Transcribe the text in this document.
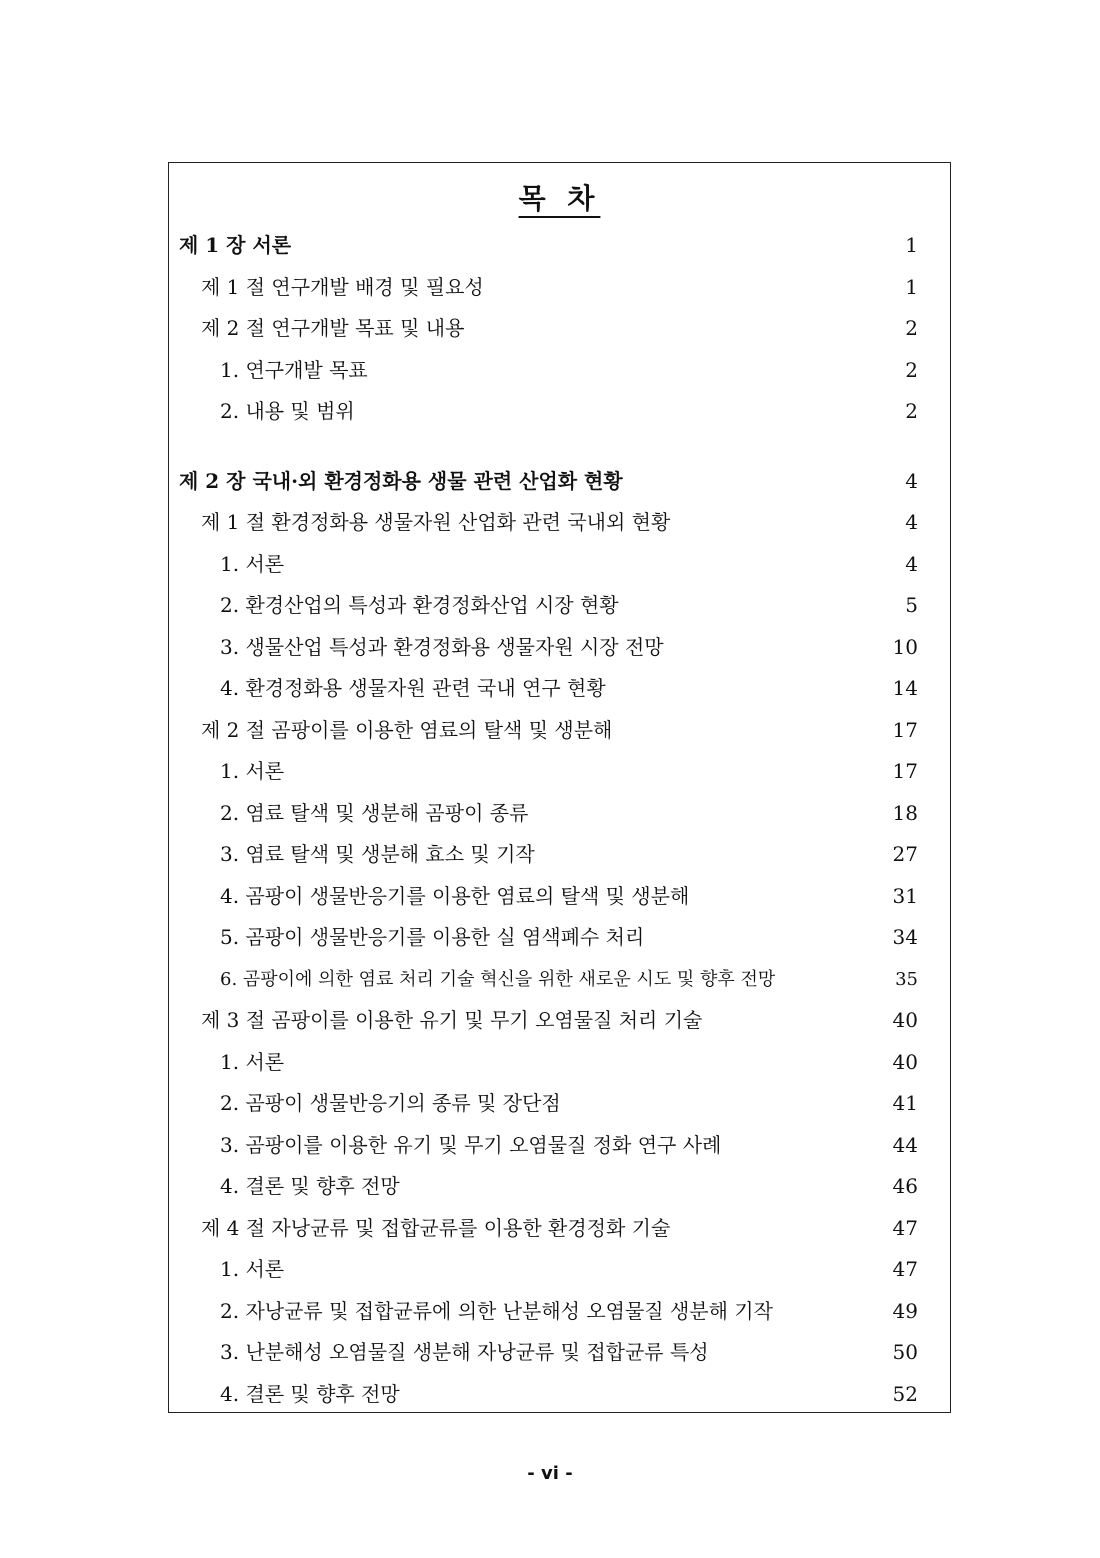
목 차
제 1 장 서론	1
제 1 절 연구개발 배경 및 필요성	1
제 2 절 연구개발 목표 및 내용	2
1. 연구개발 목표	2
2. 내용 및 범위	2
제 2 장 국내·외 환경정화용 생물 관련 산업화 현황	4
제 1 절 환경정화용 생물자원 산업화 관련 국내외 현황	4
1. 서론	4
2. 환경산업의 특성과 환경정화산업 시장 현황	5
3. 생물산업 특성과 환경정화용 생물자원 시장 전망	10
4. 환경정화용 생물자원 관련 국내 연구 현황	14
제 2 절 곰팡이를 이용한 염료의 탈색 및 생분해	17
1. 서론	17
2. 염료 탈색 및 생분해 곰팡이 종류	18
3. 염료 탈색 및 생분해 효소 및 기작	27
4. 곰팡이 생물반응기를 이용한 염료의 탈색 및 생분해	31
5. 곰팡이 생물반응기를 이용한 실 염색폐수 처리	34
6. 곰팡이에 의한 염료 처리 기술 혁신을 위한 새로운 시도 및 향후 전망	35
제 3 절 곰팡이를 이용한 유기 및 무기 오염물질 처리 기술	40
1. 서론	40
2. 곰팡이 생물반응기의 종류 및 장단점	41
3. 곰팡이를 이용한 유기 및 무기 오염물질 정화 연구 사례	44
4. 결론 및 향후 전망	46
제 4 절 자낭균류 및 접합균류를 이용한 환경정화 기술	47
1. 서론	47
2. 자낭균류 및 접합균류에 의한 난분해성 오염물질 생분해 기작	49
3. 난분해성 오염물질 생분해 자낭균류 및 접합균류 특성	50
4. 결론 및 향후 전망	52
- vi -
